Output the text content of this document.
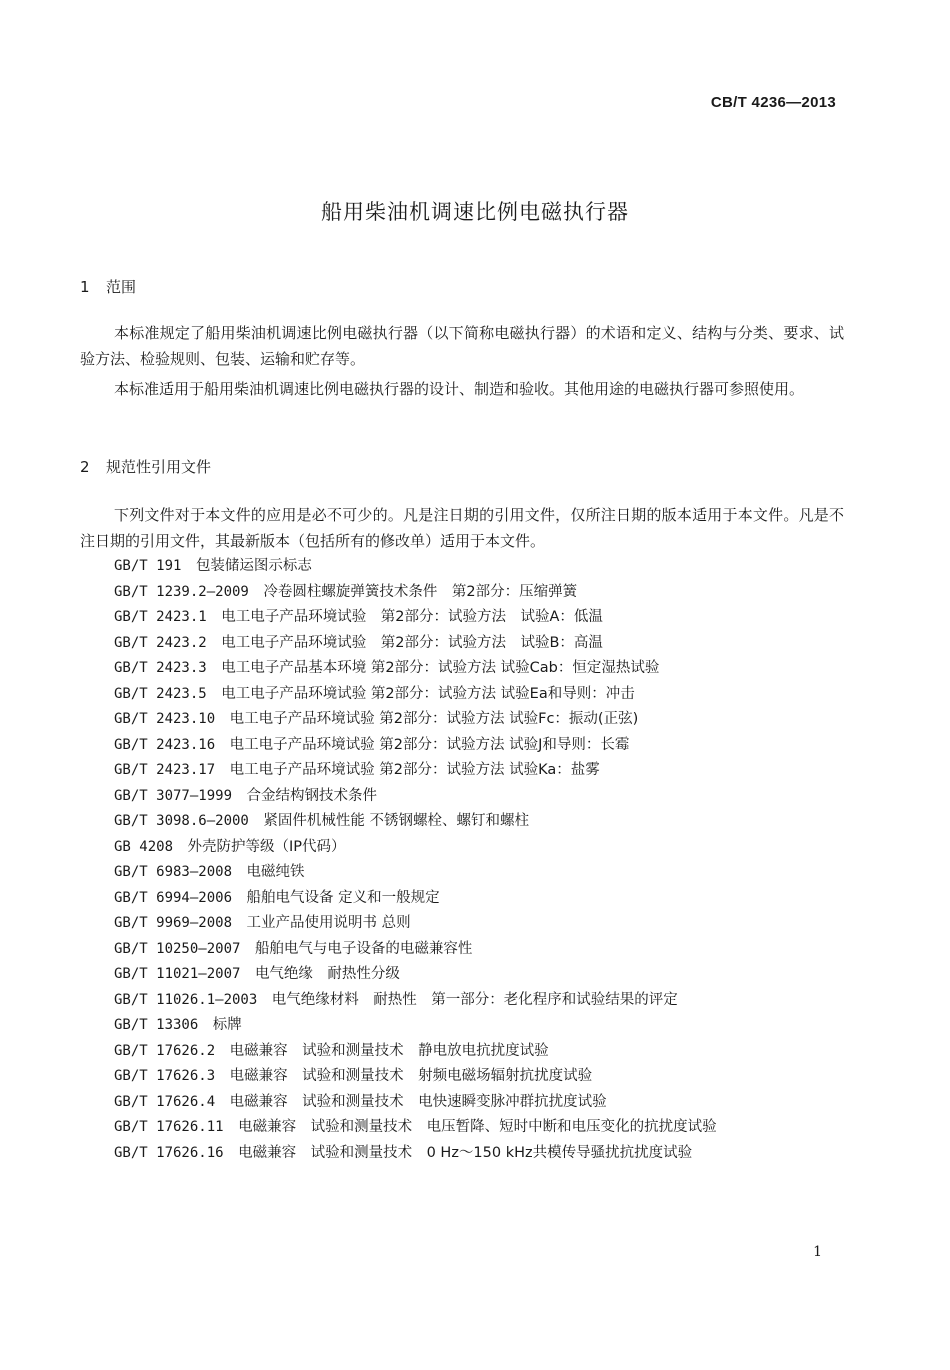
CB/T 4236—2013
船用柴油机调速比例电磁执行器
1 范围
本标准规定了船用柴油机调速比例电磁执行器（以下简称电磁执行器）的术语和定义、结构与分类、要求、试验方法、检验规则、包装、运输和贮存等。
本标准适用于船用柴油机调速比例电磁执行器的设计、制造和验收。其他用途的电磁执行器可参照使用。
2 规范性引用文件
下列文件对于本文件的应用是必不可少的。凡是注日期的引用文件，仅所注日期的版本适用于本文件。凡是不注日期的引用文件，其最新版本（包括所有的修改单）适用于本文件。
GB/T 191　 包装储运图示标志
GB/T 1239.2—2009　 冷卷圆柱螺旋弹簧技术条件　第2部分：压缩弹簧
GB/T 2423.1　 电工电子产品环境试验　第2部分：试验方法　试验A：低温
GB/T 2423.2　 电工电子产品环境试验　第2部分：试验方法　试验B：高温
GB/T 2423.3　 电工电子产品基本环境 第2部分：试验方法 试验Cab：恒定湿热试验
GB/T 2423.5　 电工电子产品环境试验 第2部分：试验方法 试验Ea和导则：冲击
GB/T 2423.10　 电工电子产品环境试验 第2部分：试验方法 试验Fc：振动(正弦)
GB/T 2423.16　 电工电子产品环境试验 第2部分：试验方法 试验J和导则：长霉
GB/T 2423.17　 电工电子产品环境试验 第2部分：试验方法 试验Ka：盐雾
GB/T 3077—1999　 合金结构钢技术条件
GB/T 3098.6—2000　 紧固件机械性能 不锈钢螺栓、螺钉和螺柱
GB 4208　 外壳防护等级（IP代码）
GB/T 6983—2008　 电磁纯铁
GB/T 6994—2006　 船舶电气设备 定义和一般规定
GB/T 9969—2008　 工业产品使用说明书 总则
GB/T 10250—2007　 船舶电气与电子设备的电磁兼容性
GB/T 11021—2007　 电气绝缘　耐热性分级
GB/T 11026.1—2003　 电气绝缘材料　耐热性　第一部分：老化程序和试验结果的评定
GB/T 13306　 标牌
GB/T 17626.2　 电磁兼容　试验和测量技术　静电放电抗扰度试验
GB/T 17626.3　 电磁兼容　试验和测量技术　射频电磁场辐射抗扰度试验
GB/T 17626.4　 电磁兼容　试验和测量技术　电快速瞬变脉冲群抗扰度试验
GB/T 17626.11　 电磁兼容　试验和测量技术　电压暂降、短时中断和电压变化的抗扰度试验
GB/T 17626.16　 电磁兼容　试验和测量技术　0 Hz～150 kHz共模传导骚扰抗扰度试验
1
